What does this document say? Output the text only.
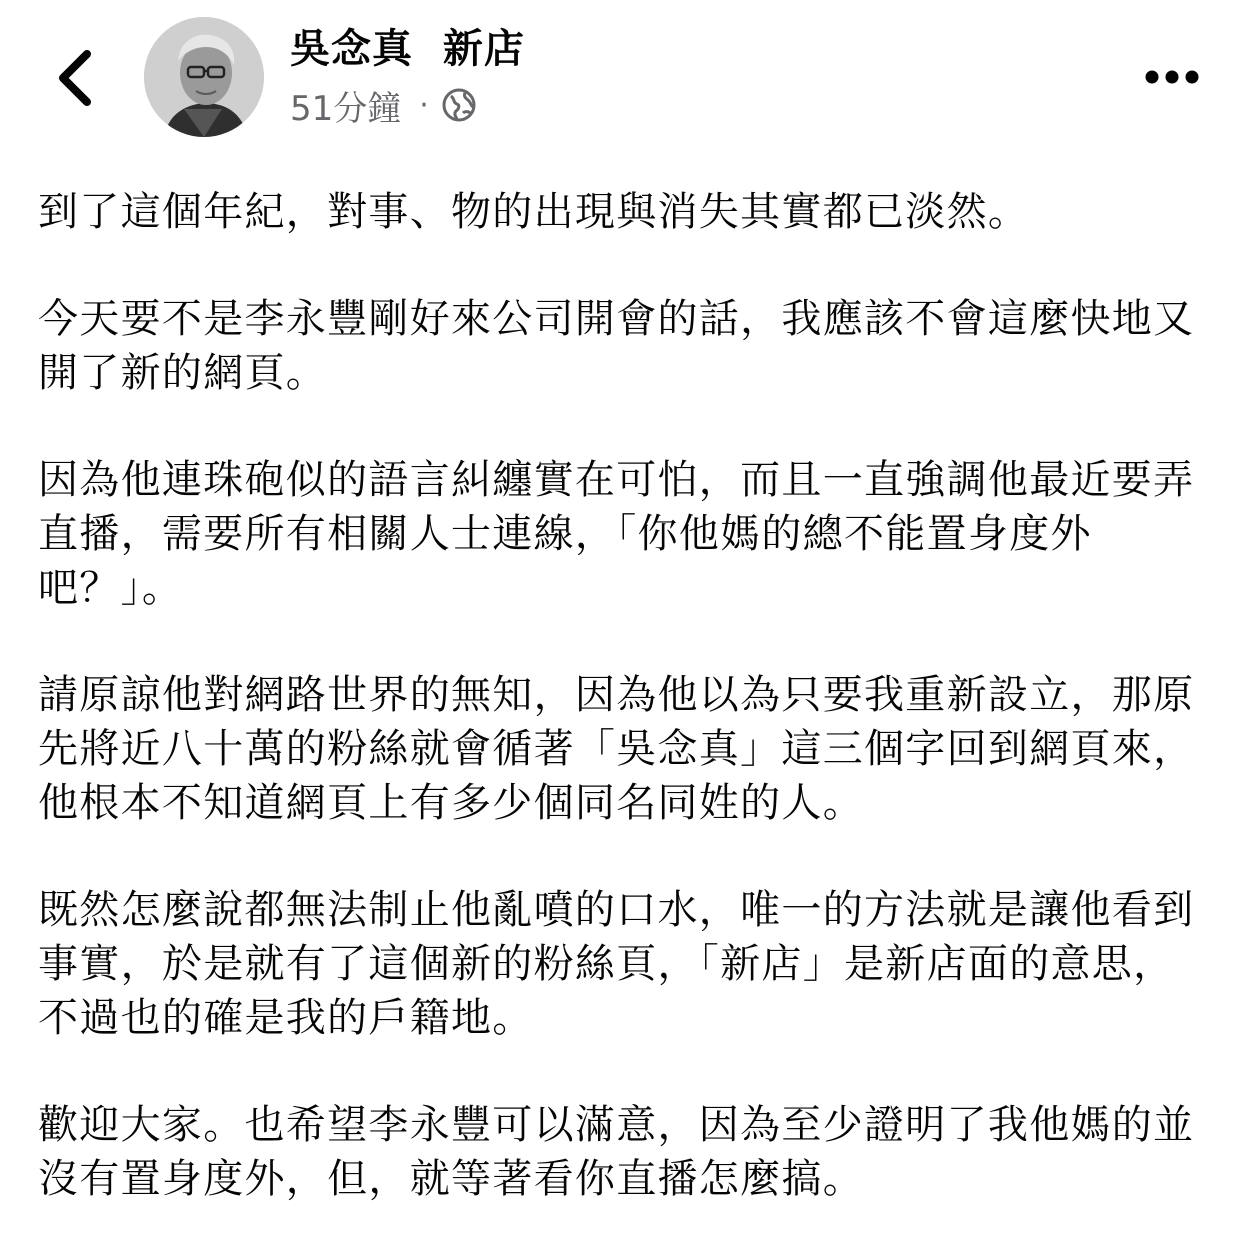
吳念真  新店
51分鐘 ·

到了這個年紀，對事、物的出現與消失其實都已淡然。

今天要不是李永豐剛好來公司開會的話，我應該不會這麼快地又開了新的網頁。

因為他連珠砲似的語言糾纏實在可怕，而且一直強調他最近要弄直播，需要所有相關人士連線，「你他媽的總不能置身度外吧？」。

請原諒他對網路世界的無知，因為他以為只要我重新設立，那原先將近八十萬的粉絲就會循著「吳念真」這三個字回到網頁來，他根本不知道網頁上有多少個同名同姓的人。

既然怎麼說都無法制止他亂噴的口水，唯一的方法就是讓他看到事實，於是就有了這個新的粉絲頁，「新店」是新店面的意思，不過也的確是我的戶籍地。

歡迎大家。也希望李永豐可以滿意，因為至少證明了我他媽的並沒有置身度外，但，就等著看你直播怎麼搞。
